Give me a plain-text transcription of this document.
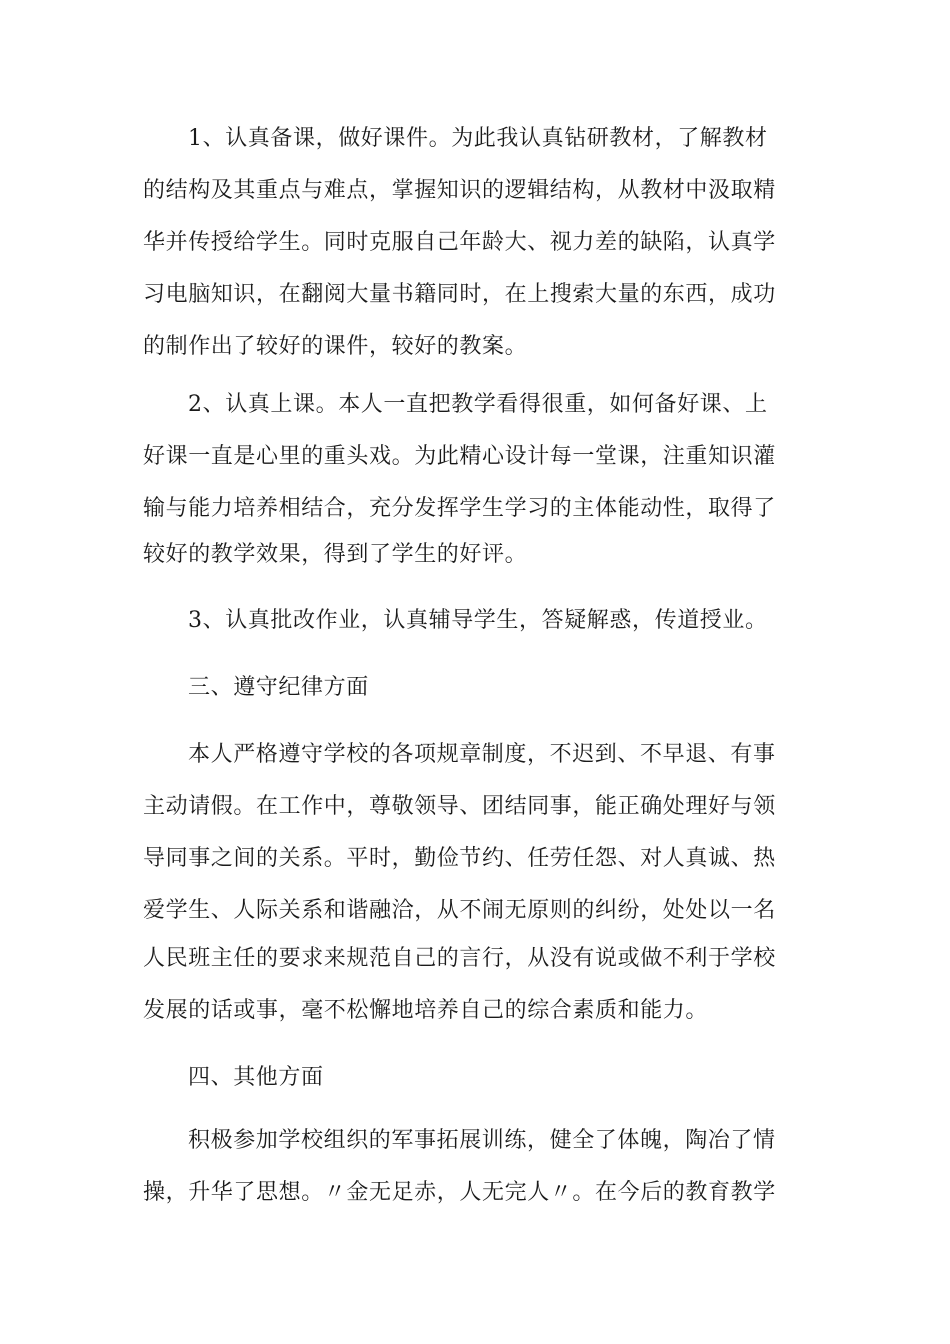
1、认真备课，做好课件。为此我认真钻研教材，了解教材
的结构及其重点与难点，掌握知识的逻辑结构，从教材中汲取精
华并传授给学生。同时克服自己年龄大、视力差的缺陷，认真学
习电脑知识，在翻阅大量书籍同时，在上搜索大量的东西，成功
的制作出了较好的课件，较好的教案。
2、认真上课。本人一直把教学看得很重，如何备好课、上
好课一直是心里的重头戏。为此精心设计每一堂课，注重知识灌
输与能力培养相结合，充分发挥学生学习的主体能动性，取得了
较好的教学效果，得到了学生的好评。
3、认真批改作业，认真辅导学生，答疑解惑，传道授业。
三、遵守纪律方面
本人严格遵守学校的各项规章制度，不迟到、不早退、有事
主动请假。在工作中，尊敬领导、团结同事，能正确处理好与领
导同事之间的关系。平时，勤俭节约、任劳任怨、对人真诚、热
爱学生、人际关系和谐融洽，从不闹无原则的纠纷，处处以一名
人民班主任的要求来规范自己的言行，从没有说或做不利于学校
发展的话或事，毫不松懈地培养自己的综合素质和能力。
四、其他方面
积极参加学校组织的军事拓展训练，健全了体魄，陶冶了情
操，升华了思想。〃金无足赤，人无完人〃。在今后的教育教学
